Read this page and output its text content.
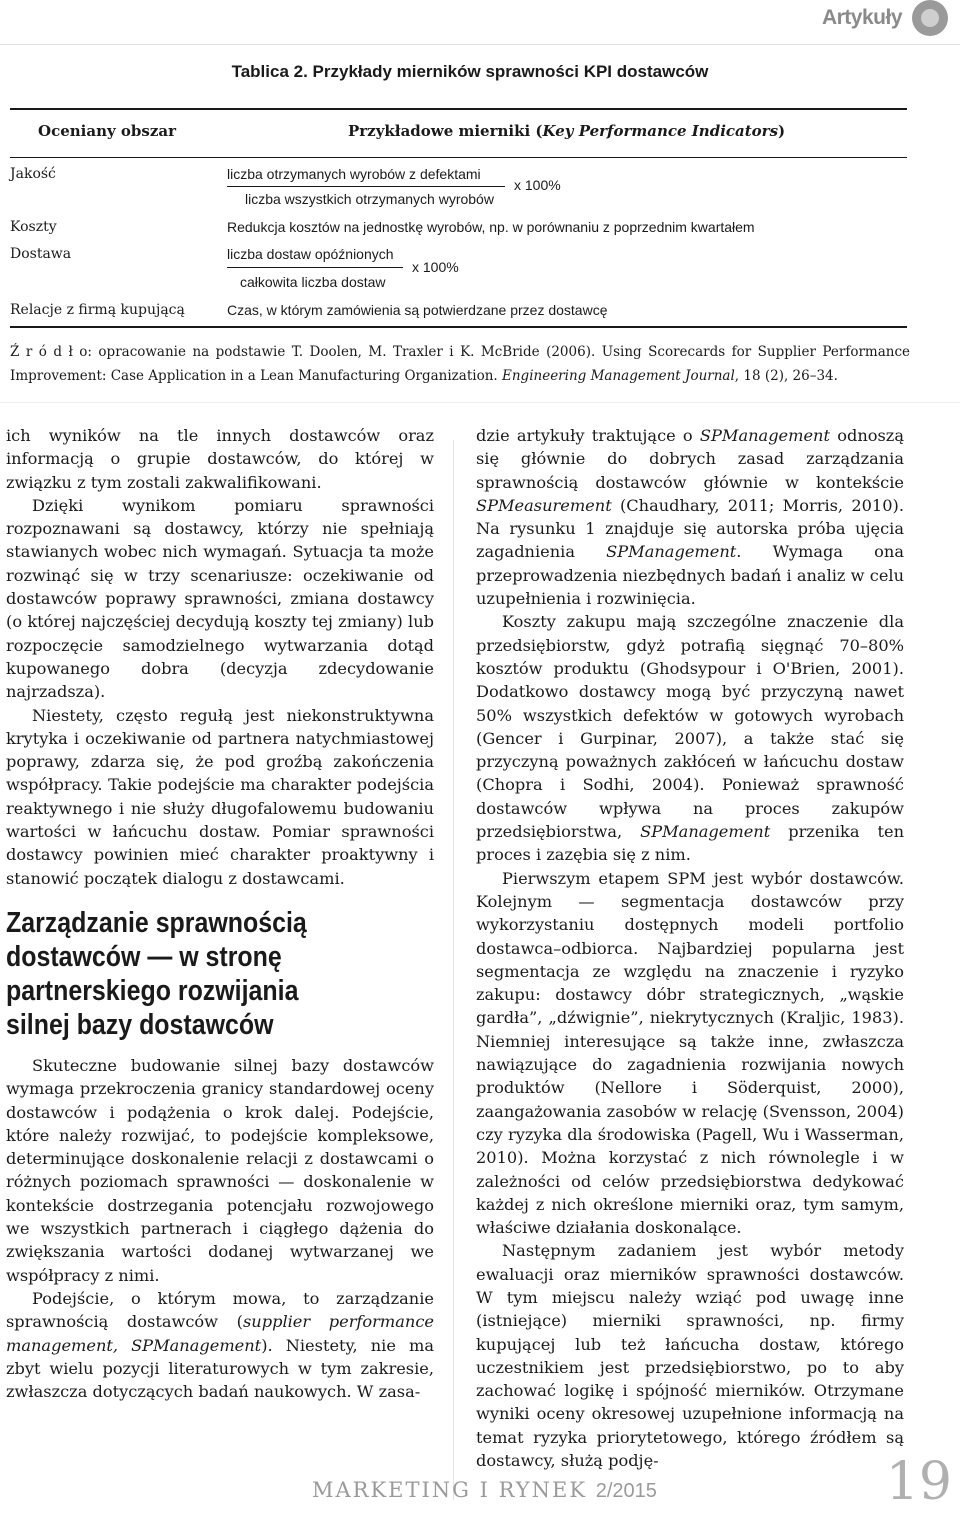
Artykuły
Tablica 2. Przykłady mierników sprawności KPI dostawców
Oceniany obszar	Przykładowe mierniki (Key Performance Indicators)
Jakość	liczba otrzymanych wyrobów z defektami
liczba wszystkich otrzymanych wyrobów
x 100%
Koszty	Redukcja kosztów na jednostkę wyrobów, np. w porównaniu z poprzednim kwartałem
Dostawa	liczba dostaw opóźnionych
całkowita liczba dostaw
x 100%
Relacje z firmą kupującą	Czas, w którym zamówienia są potwierdzane przez dostawcę
Ź r ó d ł o: opracowanie na podstawie T. Doolen, M. Traxler i K. McBride (2006). Using Scorecards for Supplier Performance Improvement: Case Application in a Lean Manufacturing Organization. Engineering Management Journal, 18 (2), 26–34.

ich wyników na tle innych dostawców oraz informacją o grupie dostawców, do której w związku z tym zostali zakwalifikowani.

Dzięki wynikom pomiaru sprawności rozpoznawani są dostawcy, którzy nie spełniają stawianych wobec nich wymagań. Sytuacja ta może rozwinąć się w trzy scenariusze: oczekiwanie od dostawców poprawy sprawności, zmiana dostawcy (o której najczęściej decydują koszty tej zmiany) lub rozpoczęcie samodzielnego wytwarzania dotąd kupowanego dobra (decyzja zdecydowanie najrzadsza).

Niestety, często regułą jest niekonstruktywna krytyka i oczekiwanie od partnera natychmiastowej poprawy, zdarza się, że pod groźbą zakończenia współpracy. Takie podejście ma charakter podejścia reaktywnego i nie służy długofalowemu budowaniu wartości w łańcuchu dostaw. Pomiar sprawności dostawcy powinien mieć charakter proaktywny i stanowić początek dialogu z dostawcami.

Zarządzanie sprawnością
dostawców — w stronę
partnerskiego rozwijania
silnej bazy dostawców

Skuteczne budowanie silnej bazy dostawców wymaga przekroczenia granicy standardowej oceny dostawców i podążenia o krok dalej. Podejście, które należy rozwijać, to podejście kompleksowe, determinujące doskonalenie relacji z dostawcami o różnych poziomach sprawności — doskonalenie w kontekście dostrzegania potencjału rozwojowego we wszystkich partnerach i ciągłego dążenia do zwiększania wartości dodanej wytwarzanej we współpracy z nimi.

Podejście, o którym mowa, to zarządzanie sprawnością dostawców (supplier performance management, SPManagement). Niestety, nie ma zbyt wielu pozycji literaturowych w tym zakresie, zwłaszcza dotyczących badań naukowych. W zasa-

dzie artykuły traktujące o SPManagement odnoszą się głównie do dobrych zasad zarządzania sprawnością dostawców głównie w kontekście SPMeasurement (Chaudhary, 2011; Morris, 2010). Na rysunku 1 znajduje się autorska próba ujęcia zagadnienia SPManagement. Wymaga ona przeprowadzenia niezbędnych badań i analiz w celu uzupełnienia i rozwinięcia.

Koszty zakupu mają szczególne znaczenie dla przedsiębiorstw, gdyż potrafią sięgnąć 70–80% kosztów produktu (Ghodsypour i O'Brien, 2001). Dodatkowo dostawcy mogą być przyczyną nawet 50% wszystkich defektów w gotowych wyrobach (Gencer i Gurpinar, 2007), a także stać się przyczyną poważnych zakłóceń w łańcuchu dostaw (Chopra i Sodhi, 2004). Ponieważ sprawność dostawców wpływa na proces zakupów przedsiębiorstwa, SPManagement przenika ten proces i zazębia się z nim.

Pierwszym etapem SPM jest wybór dostawców. Kolejnym — segmentacja dostawców przy wykorzystaniu dostępnych modeli portfolio dostawca–odbiorca. Najbardziej popularna jest segmentacja ze względu na znaczenie i ryzyko zakupu: dostawcy dóbr strategicznych, „wąskie gardła”, „dźwignie”, niekrytycznych (Kraljic, 1983). Niemniej interesujące są także inne, zwłaszcza nawiązujące do zagadnienia rozwijania nowych produktów (Nellore i Söderquist, 2000), zaangażowania zasobów w relację (Svensson, 2004) czy ryzyka dla środowiska (Pagell, Wu i Wasserman, 2010). Można korzystać z nich równolegle i w zależności od celów przedsiębiorstwa dedykować każdej z nich określone mierniki oraz, tym samym, właściwe działania doskonalące.

Następnym zadaniem jest wybór metody ewaluacji oraz mierników sprawności dostawców. W tym miejscu należy wziąć pod uwagę inne (istniejące) mierniki sprawności, np. firmy kupującej lub też łańcucha dostaw, którego uczestnikiem jest przedsiębiorstwo, po to aby zachować logikę i spójność mierników. Otrzymane wyniki oceny okresowej uzupełnione informacją na temat ryzyka priorytetowego, którego źródłem są dostawcy, służą podję-

MARKETING I RYNEK 2/2015	19
